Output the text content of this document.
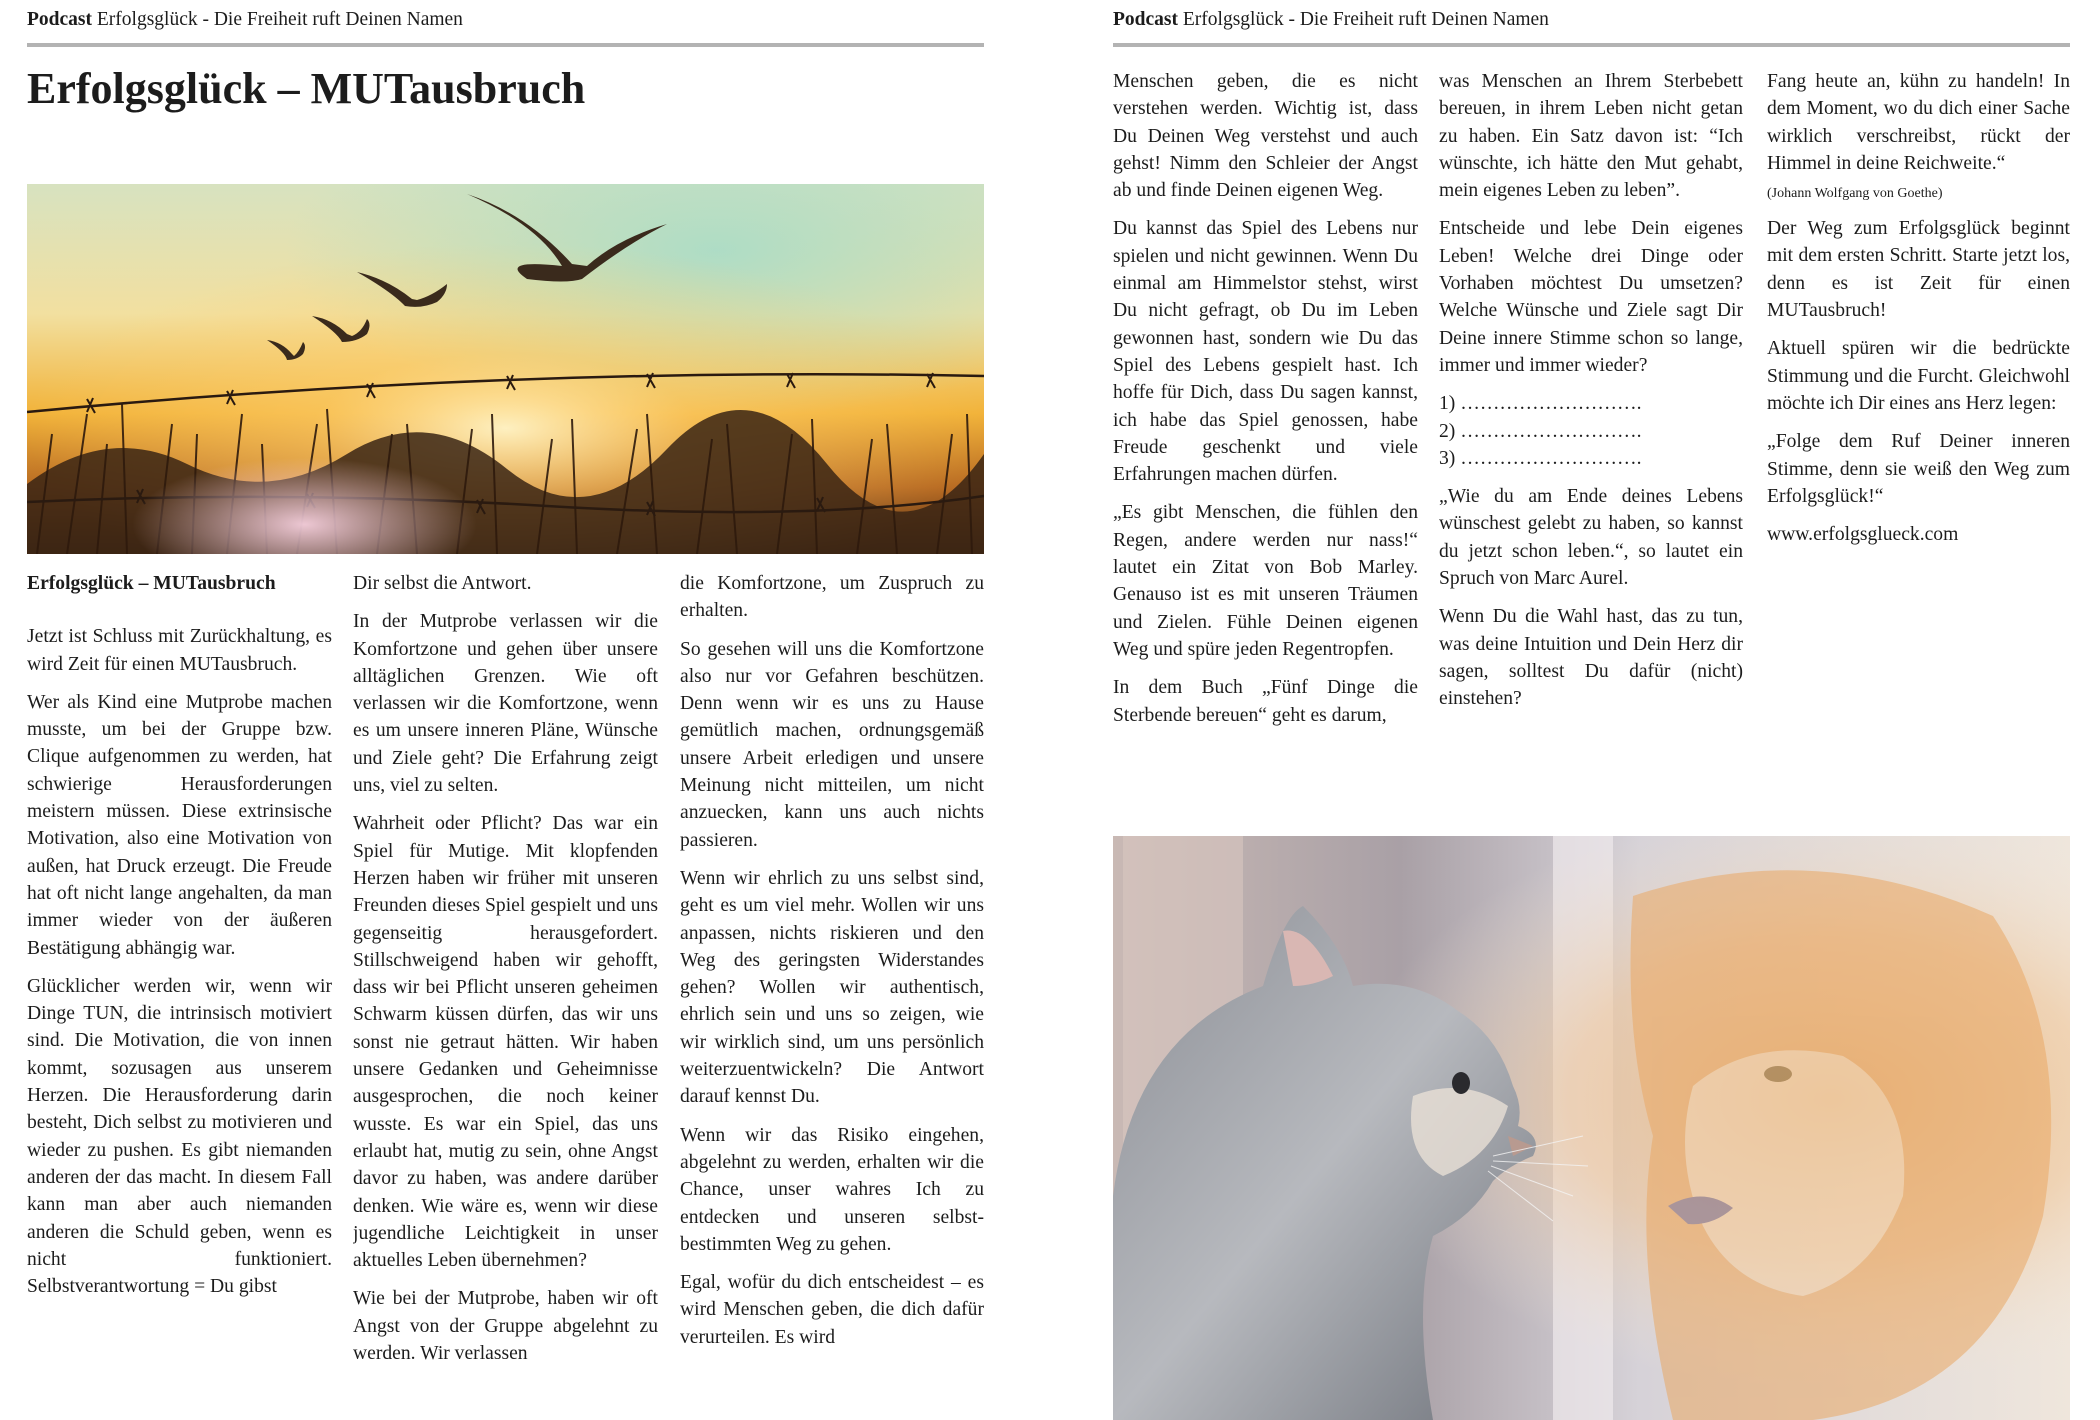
Podcast Erfolgsglück - Die Freiheit ruft Deinen Namen
Erfolgsglück – MUTausbruch

Erfolgsglück – MUTausbruch

Jetzt ist Schluss mit Zurückhaltung, es wird Zeit für einen MUTausbruch.

Wer als Kind eine Mutprobe machen musste, um bei der Gruppe bzw. Clique aufgenommen zu werden, hat schwierige Herausforderungen meistern müssen. Diese extrinsische Motivation, also eine Motivation von außen, hat Druck erzeugt. Die Freude hat oft nicht lange angehalten, da man immer wieder von der äußeren Bestätigung abhängig war.

Glücklicher werden wir, wenn wir Dinge TUN, die intrinsisch motiviert sind. Die Motivation, die von innen kommt, sozusagen aus unserem Herzen. Die Herausforderung darin besteht, Dich selbst zu motivieren und wieder zu pushen. Es gibt niemanden anderen der das macht. In diesem Fall kann man aber auch niemanden anderen die Schuld geben, wenn es nicht funktioniert. Selbstverantwortung = Du gibst

Dir selbst die Antwort.

In der Mutprobe verlassen wir die Komfortzone und gehen über unsere alltäglichen Grenzen. Wie oft verlassen wir die Komfortzone, wenn es um unsere inneren Pläne, Wünsche und Ziele geht? Die Erfahrung zeigt uns, viel zu selten.

Wahrheit oder Pflicht? Das war ein Spiel für Mutige. Mit klopfenden Herzen haben wir früher mit unseren Freunden dieses Spiel gespielt und uns gegenseitig herausgefordert. Stillschweigend haben wir gehofft, dass wir bei Pflicht unseren geheimen Schwarm küssen dürfen, das wir uns sonst nie getraut hätten. Wir haben unsere Gedanken und Geheimnisse ausgesprochen, die noch keiner wusste. Es war ein Spiel, das uns erlaubt hat, mutig zu sein, ohne Angst davor zu haben, was andere darüber denken. Wie wäre es, wenn wir diese jugendliche Leichtigkeit in unser aktuelles Leben übernehmen?

Wie bei der Mutprobe, haben wir oft Angst von der Gruppe abgelehnt zu werden. Wir verlassen

die Komfortzone, um Zuspruch zu erhalten.

So gesehen will uns die Komfortzone also nur vor Gefahren beschützen. Denn wenn wir es uns zu Hause gemütlich machen, ordnungsgemäß unsere Arbeit erledigen und unsere Meinung nicht mitteilen, um nicht anzuecken, kann uns auch nichts passieren.

Wenn wir ehrlich zu uns selbst sind, geht es um viel mehr. Wollen wir uns anpassen, nichts riskieren und den Weg des geringsten Widerstandes gehen? Wollen wir authentisch, ehrlich sein und uns so zeigen, wie wir wirklich sind, um uns persönlich weiterzuentwickeln? Die Antwort darauf kennst Du.

Wenn wir das Risiko eingehen, abgelehnt zu werden, erhalten wir die Chance, unser wahres Ich zu entdecken und unseren selbst-bestimmten Weg zu gehen.

Egal, wofür du dich entscheidest – es wird Menschen geben, die dich dafür verurteilen. Es wird

Podcast Erfolgsglück - Die Freiheit ruft Deinen Namen

Menschen geben, die es nicht verstehen werden. Wichtig ist, dass Du Deinen Weg verstehst und auch gehst! Nimm den Schleier der Angst ab und finde Deinen eigenen Weg.

Du kannst das Spiel des Lebens nur spielen und nicht gewinnen. Wenn Du einmal am Himmelstor stehst, wirst Du nicht gefragt, ob Du im Leben gewonnen hast, sondern wie Du das Spiel des Lebens gespielt hast. Ich hoffe für Dich, dass Du sagen kannst, ich habe das Spiel genossen, habe Freude geschenkt und viele Erfahrungen machen dürfen.

„Es gibt Menschen, die fühlen den Regen, andere werden nur nass!“ lautet ein Zitat von Bob Marley. Genauso ist es mit unseren Träumen und Zielen. Fühle Deinen eigenen Weg und spüre jeden Regentropfen.

In dem Buch „Fünf Dinge die Sterbende bereuen“ geht es darum,

was Menschen an Ihrem Sterbebett bereuen, in ihrem Leben nicht getan zu haben. Ein Satz davon ist: “Ich wünschte, ich hätte den Mut gehabt, mein eigenes Leben zu leben”.

Entscheide und lebe Dein eigenes Leben! Welche drei Dinge oder Vorhaben möchtest Du umsetzen? Welche Wünsche und Ziele sagt Dir Deine innere Stimme schon so lange, immer und immer wieder?

1) ……………………….

2) ……………………….

3) ……………………….

„Wie du am Ende deines Lebens wünschest gelebt zu haben, so kannst du jetzt schon leben.“, so lautet ein Spruch von Marc Aurel.

Wenn Du die Wahl hast, das zu tun, was deine Intuition und Dein Herz dir sagen, solltest Du dafür (nicht) einstehen?

Fang heute an, kühn zu handeln! In dem Moment, wo du dich einer Sache wirklich verschreibst, rückt der Himmel in deine Reichweite.“

(Johann Wolfgang von Goethe)

Der Weg zum Erfolgsglück beginnt mit dem ersten Schritt. Starte jetzt los, denn es ist Zeit für einen MUTausbruch!

Aktuell spüren wir die bedrückte Stimmung und die Furcht. Gleichwohl möchte ich Dir eines ans Herz legen:

„Folge dem Ruf Deiner inneren Stimme, denn sie weiß den Weg zum Erfolgsglück!“

www.erfolgsglueck.com
